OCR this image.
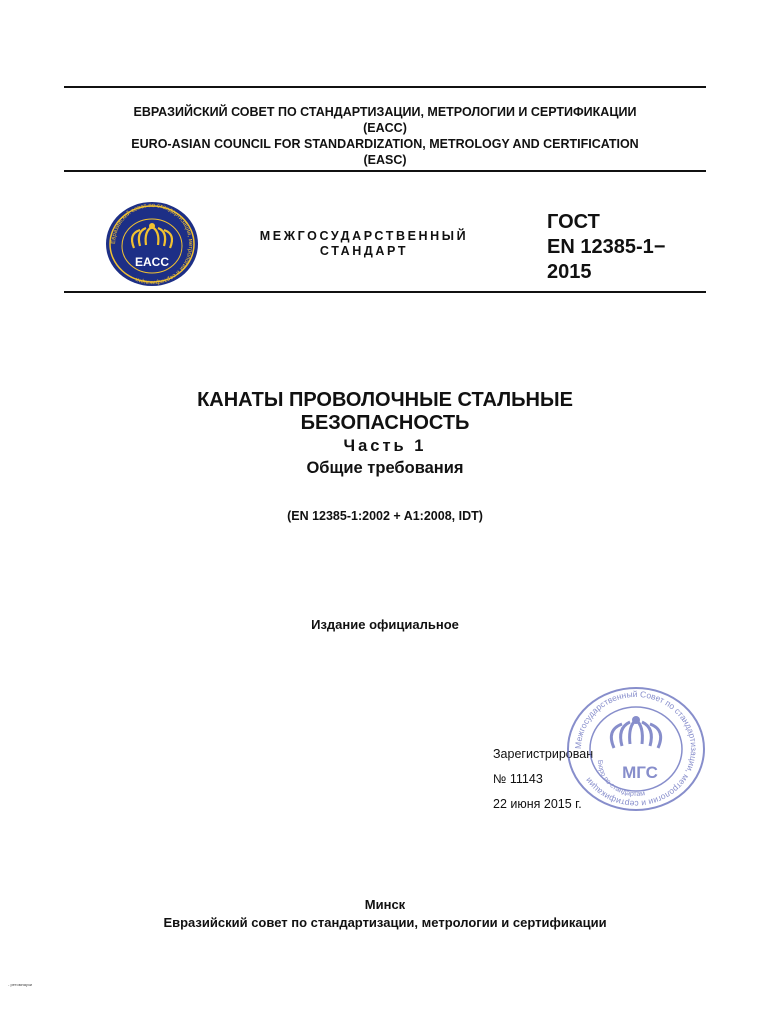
ЕВРАЗИЙСКИЙ СОВЕТ ПО СТАНДАРТИЗАЦИИ, МЕТРОЛОГИИ И СЕРТИФИКАЦИИ
(EACC)
EURO-ASIAN COUNCIL FOR STANDARDIZATION, METROLOGY AND CERTIFICATION
(EASC)
Евразийский совет по стандартизации, метрологии и сертификации
EACC
МЕЖГОСУДАРСТВЕННЫЙ
СТАНДАРТ
ГОСТ
EN 12385-1−
2015
КАНАТЫ ПРОВОЛОЧНЫЕ СТАЛЬНЫЕ
БЕЗОПАСНОСТЬ
Часть 1
Общие требования
(EN 12385-1:2002 + A1:2008, IDT)
Издание официальное
Зарегистрирован
№ 11143
22 июня 2015 г.
Межгосударственный Совет по стандартизации, метрологии и сертификации	МГС
Бюро по стандартам
Минск
Евразийский совет по стандартизации, метрологии и сертификации
- ретомнаузи
